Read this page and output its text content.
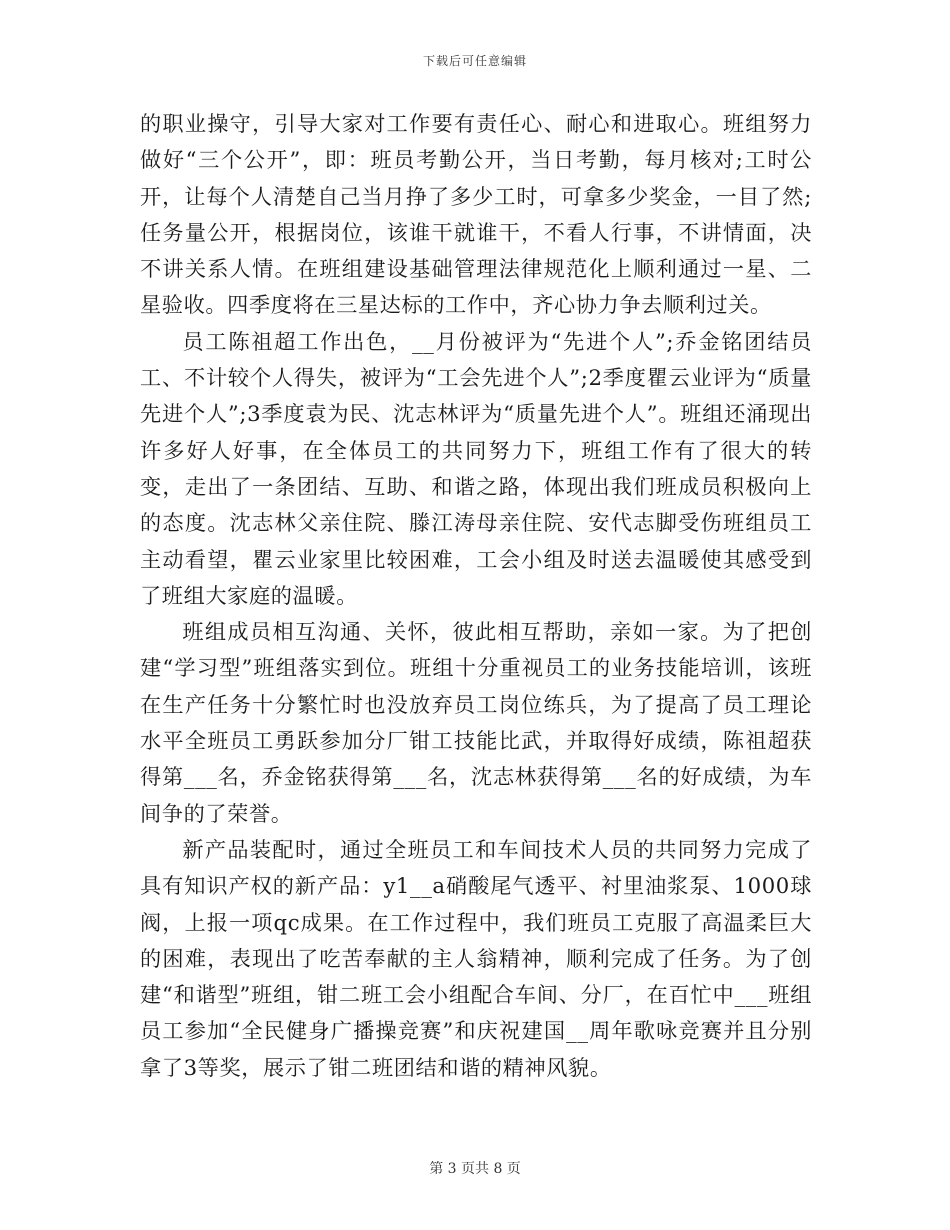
下载后可任意编辑

的职业操守，引导大家对工作要有责任心、耐心和进取心。班组努力做好“三个公开”，即：班员考勤公开，当日考勤，每月核对;工时公开，让每个人清楚自己当月挣了多少工时，可拿多少奖金，一目了然;任务量公开，根据岗位，该谁干就谁干，不看人行事，不讲情面，决不讲关系人情。在班组建设基础管理法律规范化上顺利通过一星、二星验收。四季度将在三星达标的工作中，齐心协力争去顺利过关。

员工陈祖超工作出色，__月份被评为“先进个人”;乔金铭团结员工、不计较个人得失，被评为“工会先进个人”;2季度瞿云业评为“质量先进个人”;3季度袁为民、沈志林评为“质量先进个人”。班组还涌现出许多好人好事，在全体员工的共同努力下，班组工作有了很大的转变，走出了一条团结、互助、和谐之路，体现出我们班成员积极向上的态度。沈志林父亲住院、滕江涛母亲住院、安代志脚受伤班组员工主动看望，瞿云业家里比较困难，工会小组及时送去温暖使其感受到了班组大家庭的温暖。

班组成员相互沟通、关怀，彼此相互帮助，亲如一家。为了把创建“学习型”班组落实到位。班组十分重视员工的业务技能培训，该班在生产任务十分繁忙时也没放弃员工岗位练兵，为了提高了员工理论水平全班员工勇跃参加分厂钳工技能比武，并取得好成绩，陈祖超获得第___名，乔金铭获得第___名，沈志林获得第___名的好成绩，为车间争的了荣誉。

新产品装配时，通过全班员工和车间技术人员的共同努力完成了具有知识产权的新产品：y1__a硝酸尾气透平、衬里油浆泵、1000球阀，上报一项qc成果。在工作过程中，我们班员工克服了高温柔巨大的困难，表现出了吃苦奉献的主人翁精神，顺利完成了任务。为了创建“和谐型”班组，钳二班工会小组配合车间、分厂，在百忙中___班组员工参加“全民健身广播操竞赛”和庆祝建国__周年歌咏竞赛并且分别拿了3等奖，展示了钳二班团结和谐的精神风貌。

第 3 页共 8 页
